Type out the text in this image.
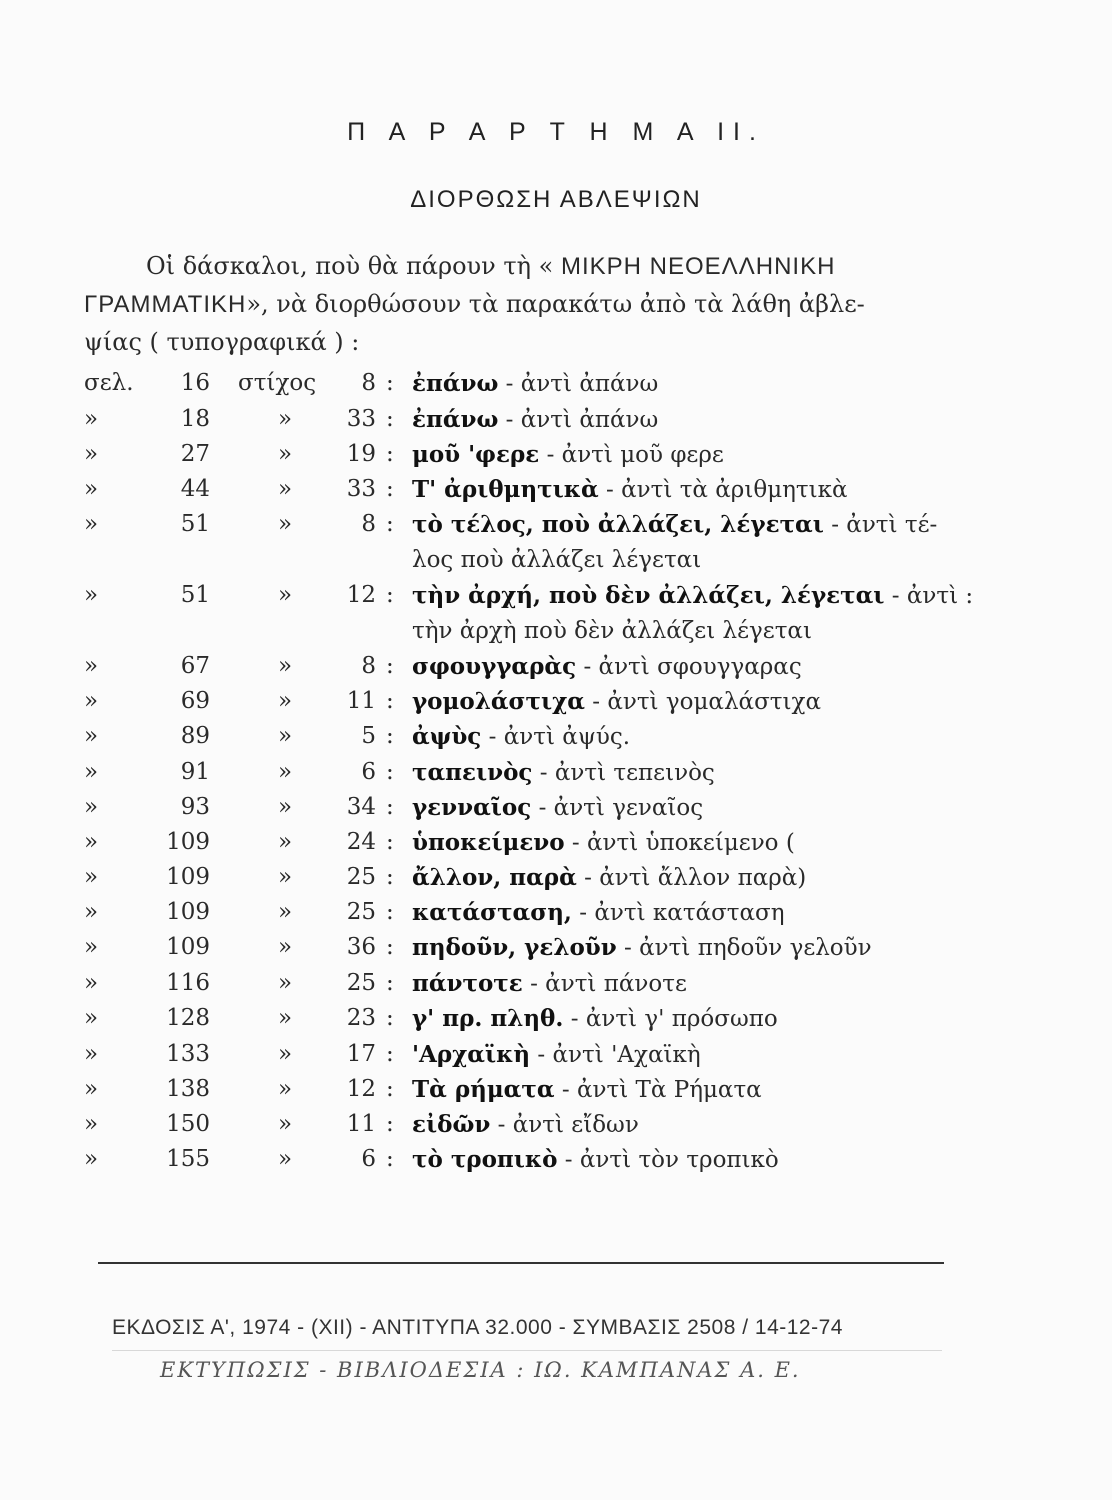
Π Α Ρ Α Ρ Τ Η Μ Α ΙΙ.
ΔΙΟΡΘΩΣΗ ΑΒΛΕΨΙΩΝ
Οἱ δάσκαλοι, ποὺ θὰ πάρουν τὴ « ΜΙΚΡΗ ΝΕΟΕΛΛΗΝΙΚΗ
ΓΡΑΜΜΑΤΙΚΗ», νὰ διορθώσουν τὰ παρακάτω ἀπὸ τὰ λάθη ἀβλε-
ψίας ( τυπογραφικά ) :
σελ.	16 στίχος	8 : ἐπάνω - ἀντὶ ἀπάνω
»	18	»	33 : ἐπάνω - ἀντὶ ἀπάνω
»	27	»	19 : μοῦ 'φερε - ἀντὶ μοῦ φερε
»	44	»	33 : Τ' ἀριθμητικὰ - ἀντὶ τὰ ἀριθμητικὰ
»	51	»	8 : τὸ τέλος, ποὺ ἀλλάζει, λέγεται - ἀντὶ τέ-
λος ποὺ ἀλλάζει λέγεται
»	51	»	12 : τὴν ἀρχή, ποὺ δὲν ἀλλάζει, λέγεται - ἀντὶ :
τὴν ἀρχὴ ποὺ δὲν ἀλλάζει λέγεται
»	67	»	8 : σφουγγαρὰς - ἀντὶ σφουγγαρας
»	69	»	11 : γομολάστιχα - ἀντὶ γομαλάστιχα
»	89	»	5 : ἀψὺς - ἀντὶ ἀψύς.
»	91	»	6 : ταπεινὸς - ἀντὶ τεπεινὸς
»	93	»	34 : γενναῖος - ἀντὶ γεναῖος
»	109	»	24 : ὑποκείμενο - ἀντὶ ὑποκείμενο (
»	109	»	25 : ἄλλον, παρὰ - ἀντὶ ἄλλον παρὰ)
»	109	»	25 : κατάσταση, - ἀντὶ κατάσταση
»	109	»	36 : πηδοῦν, γελοῦν - ἀντὶ πηδοῦν γελοῦν
»	116	»	25 : πάντοτε - ἀντὶ πάνοτε
»	128	»	23 : γ' πρ. πληθ. - ἀντὶ γ' πρόσωπο
»	133	»	17 : 'Αρχαϊκὴ - ἀντὶ 'Αχαϊκὴ
»	138	»	12 : Τὰ ρήματα - ἀντὶ Τὰ Ρήματα
»	150	»	11 : εἰδῶν - ἀντὶ εἴδων
»	155	»	6 : τὸ τροπικὸ - ἀντὶ τὸν τροπικὸ
ΕΚΔΟΣΙΣ Α', 1974 - (XII) - ΑΝΤΙΤΥΠΑ 32.000 - ΣΥΜΒΑΣΙΣ 2508 / 14-12-74
ΕΚΤΥΠΩΣΙΣ - ΒΙΒΛΙΟΔΕΣΙΑ : ΙΩ. ΚΑΜΠΑΝΑΣ Α. Ε.
